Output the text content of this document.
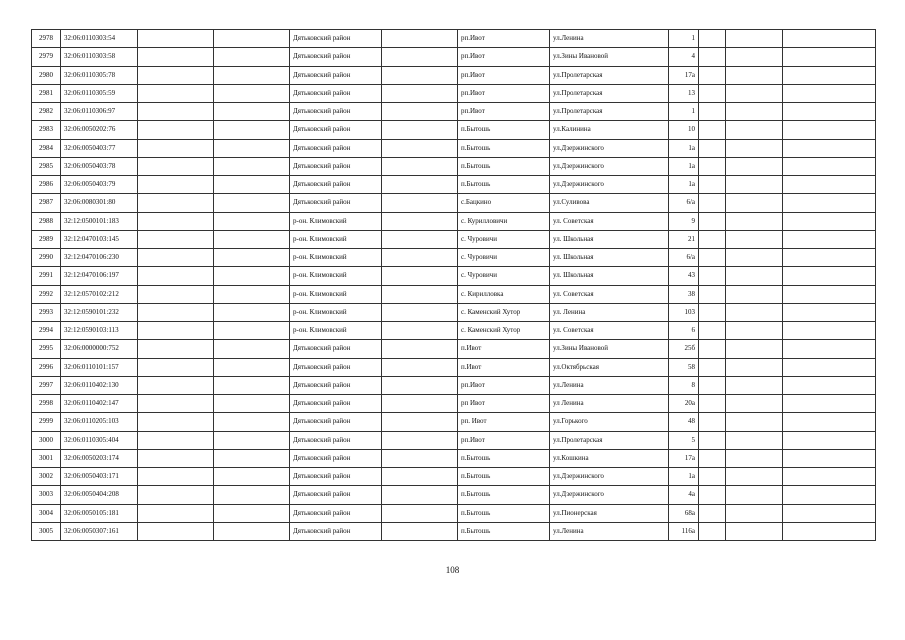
2978	32:06:0110303:54			Дятьковский район		рп.Ивот	ул.Ленина	1			
2979	32:06:0110303:58			Дятьковский район		рп.Ивот	ул.Зины Ивановой	4			
2980	32:06:0110305:78			Дятьковский район		рп.Ивот	ул.Пролетарская	17а			
2981	32:06:0110305:59			Дятьковский район		рп.Ивот	ул.Пролетарская	13			
2982	32:06:0110306:97			Дятьковский район		рп.Ивот	ул.Пролетарская	1			
2983	32:06:0050202:76			Дятьковский район		п.Бытошь	ул.Калинина	10			
2984	32:06:0050403:77			Дятьковский район		п.Бытошь	ул.Дзержинского	1а			
2985	32:06:0050403:78			Дятьковский район		п.Бытошь	ул.Дзержинского	1а			
2986	32:06:0050403:79			Дятьковский район		п.Бытошь	ул.Дзержинского	1а			
2987	32:06:0080301:80			Дятьковский район		с.Бацкино	ул.Суливова	6/а			
2988	32:12:0500101:183			р-он. Климовский		с. Курилловичи	ул. Советская	9			
2989	32:12:0470103:145			р-он. Климовский		с. Чуровичи	ул. Школьная	21			
2990	32:12:0470106:230			р-он. Климовский		с. Чуровичи	ул. Школьная	6/а			
2991	32:12:0470106:197			р-он. Климовский		с. Чуровичи	ул. Школьная	43			
2992	32:12:0570102:212			р-он. Климовский		с. Кирилловка	ул. Советская	38			
2993	32:12:0590101:232			р-он. Климовский		с. Каменский Хутор	ул. Ленина	103			
2994	32:12:0590103:113			р-он. Климовский		с. Каменский Хутор	ул. Советская	6			
2995	32:06:0000000:752			Дятьковский район		п.Ивот	ул.Зины Ивановой	25б			
2996	32:06:0110101:157			Дятьковский район		п.Ивот	ул.Октябрьская	58			
2997	32:06:0110402:130			Дятьковский район		рп.Ивот	ул.Ленина	8			
2998	32:06:0110402:147			Дятьковский район		рп Ивот	ул Ленина	20а			
2999	32:06:0110205:103			Дятьковский район		рп. Ивот	ул.Горького	48			
3000	32:06:0110305:404			Дятьковский район		рп.Ивот	ул.Пролетарская	5			
3001	32:06:0050203:174			Дятьковский район		п.Бытошь	ул.Кошкина	17а			
3002	32:06:0050403:171			Дятьковский район		п.Бытошь	ул.Дзержинского	1а			
3003	32:06:0050404:208			Дятьковский район		п.Бытошь	ул.Дзержинского	4а			
3004	32:06:0050105:181			Дятьковский район		п.Бытошь	ул.Пионерская	68а			
3005	32:06:0050307:161			Дятьковский район		п.Бытошь	ул.Ленина	116а			
108
